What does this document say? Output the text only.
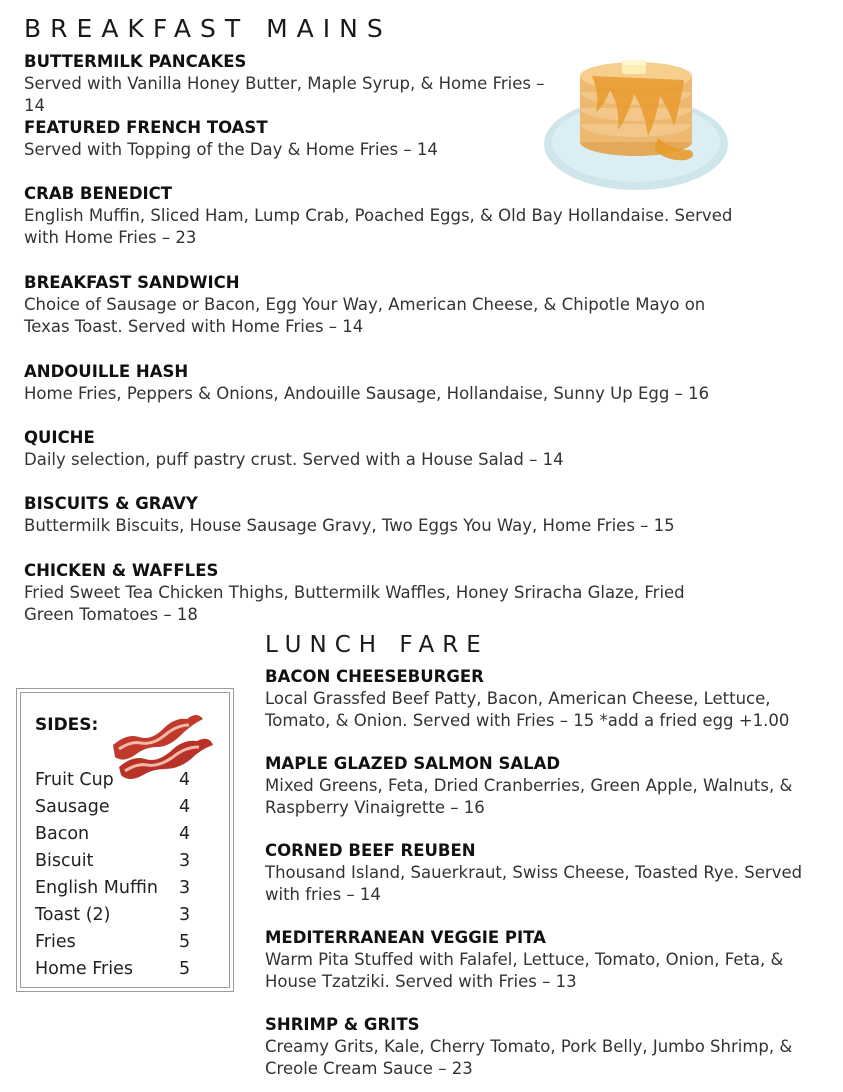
BREAKFAST MAINS
BUTTERMILK PANCAKES
Served with Vanilla Honey Butter, Maple Syrup, & Home Fries – 14
FEATURED FRENCH TOAST
Served with Topping of the Day & Home Fries – 14
CRAB BENEDICT
English Muffin, Sliced Ham, Lump Crab, Poached Eggs, & Old Bay Hollandaise. Served with Home Fries – 23
BREAKFAST SANDWICH
Choice of Sausage or Bacon, Egg Your Way, American Cheese, & Chipotle Mayo on Texas Toast. Served with Home Fries – 14
ANDOUILLE HASH
Home Fries, Peppers & Onions, Andouille Sausage, Hollandaise, Sunny Up Egg – 16
QUICHE
Daily selection, puff pastry crust. Served with a House Salad – 14
BISCUITS & GRAVY
Buttermilk Biscuits, House Sausage Gravy, Two Eggs You Way, Home Fries – 15
CHICKEN & WAFFLES
Fried Sweet Tea Chicken Thighs, Buttermilk Waffles, Honey Sriracha Glaze, Fried Green Tomatoes – 18
LUNCH FARE
BACON CHEESEBURGER
Local Grassfed Beef Patty, Bacon, American Cheese, Lettuce, Tomato, & Onion. Served with Fries – 15 *add a fried egg +1.00
MAPLE GLAZED SALMON SALAD
Mixed Greens, Feta, Dried Cranberries, Green Apple, Walnuts, & Raspberry Vinaigrette – 16
CORNED BEEF REUBEN
Thousand Island, Sauerkraut, Swiss Cheese, Toasted Rye. Served with fries – 14
MEDITERRANEAN VEGGIE PITA
Warm Pita Stuffed with Falafel, Lettuce, Tomato, Onion, Feta, & House Tzatziki. Served with Fries – 13
SHRIMP & GRITS
Creamy Grits, Kale, Cherry Tomato, Pork Belly, Jumbo Shrimp, & Creole Cream Sauce – 23
SIDES:
Fruit Cup	4
Sausage	4
Bacon	4
Biscuit	3
English Muffin 3
Toast (2)	3
Fries	5
Home Fries	5
